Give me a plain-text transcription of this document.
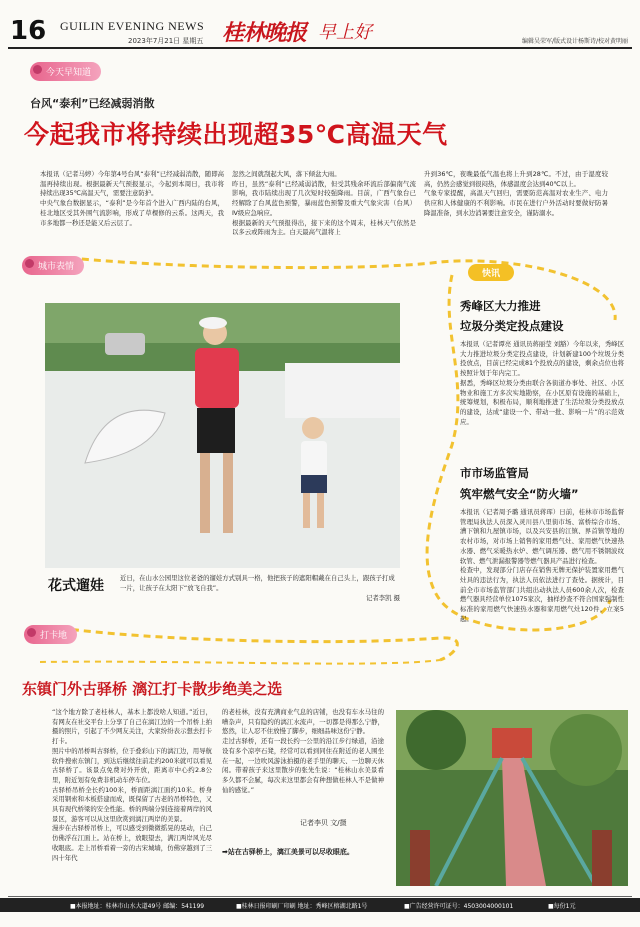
16 GUILIN EVENING NEWS
2023年7月21日 星期五 桂林晚报 早上好	编辑吴荣军/版式设计杨斯诗/校对黄明丽
今天早知道
台风“泰利”已经减弱消散
今起我市将持续出现超35℃高温天气
本报讯（记者马婷）今年第4号台风“泰利”已经减弱消散，随即高温再持续出现。根据最新天气预报显示，今起到本周日，我市将持续出现35℃高温天气，需要注意防护。
中央气象台数据显示，“泰利”是今年首个进入广西内陆的台风，桂北地区受其外围气流影响，形成了草棵修的云系。这两天，我市多地都一秒还是能又后云层了。
忽然之间就刮起大风，落下倾盆大雨。
昨日，虽然“泰利”已经减弱消散，但受其残余环流后部偏南气流影响，我市陆续出现了几次短时较强降雨。目前，广西气象台已经解除了台风蓝色预警，暴雨蓝色预警及重大气象灾害（台风）Ⅳ级应急响应。
根据最新的天气预报得出，接下来的这个周末，桂林天气依然是以多云或阵雨为主。白天最高气温将上
升到36℃，夜晚最低气温也将上升到28℃。不过，由于湿度较高，仍然会感觉到很闷热，体感温度会达到40℃以上。
气象专家提醒，高温天气回归，需要防范高温对农业生产、电力供应和人体健康的不利影响。市民在进行户外活动时要做好防暑降温准备，到水边消暑要注意安全，谨防溺水。
城市表情
花式遛娃	近日，在山水公园里这位老爸的遛娃方式别具一格，他把孩子的遮阳帽戴在自己头上，跟孩子打成一片，让孩子在太阳下“放飞自我”。
记者李凯 摄
快讯
秀峰区大力推进
垃圾分类定投点建设
本报讯（记者谭亮 通讯员蒋丽莹 刘豁）今年以来，秀峰区大力推进垃圾分类定投点建设，计划新建100个垃圾分类投放点，目前已经完成81个投放点的建设，剩余点位也将按照计划于年内完工。
据悉，秀峰区垃圾分类由联合各街道办事处、社区、小区物业和施工方多次实地勘察，在小区原有设施的基础上，统筹规划，积极布局，顺利地推进了生活垃圾分类投放点的建设，达成“建设一个、带动一批、影响一片”的示范效应。
市市场监管局
筑牢燃气安全“防火墙”
本报讯（记者周予璐 通讯员蒋珲）日前，桂林市市场监督管理局执法人员深入灵川县八里街市场、富桥综合市场、漕下镇和九屋镇市场，以及兴安县的江镇、界首镇等地的农村市场，对市场上销售的家用燃气灶、家用燃气快速热水器、燃气采暖热水炉、燃气调压器、燃气用不锈钢波纹软管、燃气泄漏报警器等燃气器具产品进行检查。
检查中，发现部分门店存在销售无牌无保护装置家用燃气灶具的违法行为，执法人员依法进行了查处。据统计，目前全市市场监管部门共组出动执法人员600余人次，检查燃气器具经营单位1075家次，抽样抄查不符合国家强制性标准的家用燃气快速热水器和家用燃气灶120件，立案5起。
打卡地
东镇门外古驿桥 漓江打卡散步绝美之选
“这个地方除了老桂林人，基本上都没啥人知道。”近日，有网友在社交平台上分享了自己在漓江边的一个吊桥上拍摄的照片，引起了不少网友关注，大家纷纷表示想去打卡打卡。
照片中的吊桥叫古驿桥，位于叠彩山下的漓江边，用导航软件搜索东镇门，到达后继续往前走约200米就可以看见古驿桥了。该景点免费对外开放，距离市中心约2.8公里，附近划有免费非机动车停车位。
古驿桥吊桥全长约100米，桥面距漓江面约10米。桥身采用钢索和木板搭建而成，既保留了古老的吊桥特色，又具有现代桥梁的安全性能。桥的两端分别连接着两岸的风景区，游客可以从这里欣赏到漓江两岸的美景。
漫步在古驿桥吊桥上，可以感受到微微摇晃的晃动，自己仿佛浮在江面上。站在桥上，放眼望去，满江两岸风光尽收眼底。走上吊桥看着一旁的古宋城墙，仿佛穿越到了三四十年代
的老桂林，没有充满商业气息的店铺，也没有车水马往的嘈杂声，只有隐约的漓江水流声，一切都是得那么宁静，悠然，让人忍不住放慢了脚步，细细品味这份宁静。
走过古驿桥，还有一段长约一公里的沿江步行绿道，沿途设有多个凉亭石凳，经常可以看到同住在附近的老人围坐在一起，一边吹风游泳拍摄的老手里的聊天、一边聊天休闲。带着孩子来这里散步的张先生说：“桂林山水美景看多久都不会腻，每次来这里都会有种想做桂林人不是做神仙的感觉。”
记者李贝 文/摄
➡站在古驿桥上，漓江美景可以尽收眼底。
■本报地址：桂林市山水大道49号 邮编：541199	■桂林日报印刷厂印刷 地址：秀峰区榕湖北路1号	■广告经营许可证号：4503004000101	■每份1元
